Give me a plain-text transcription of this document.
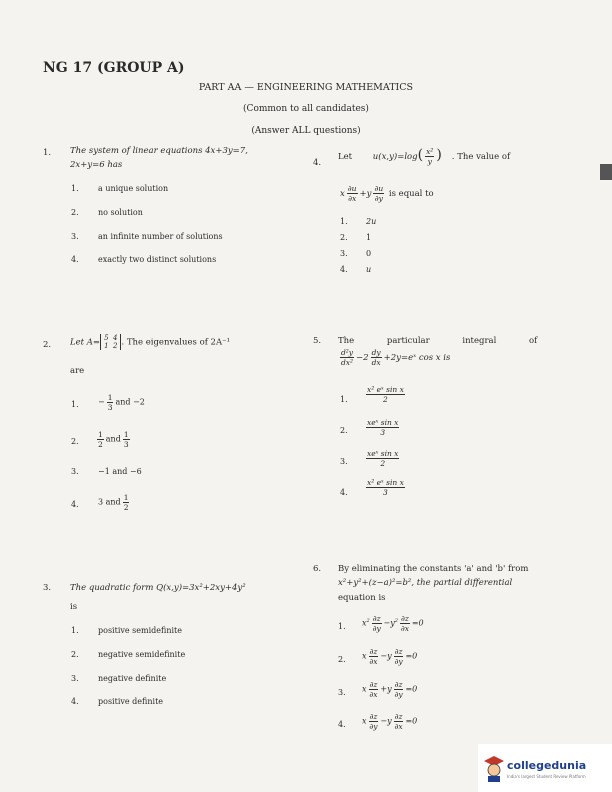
NG 17 (GROUP A)
PART AA — ENGINEERING MATHEMATICS
(Common to all candidates)
(Answer ALL questions)
1. The system of linear equations 4x+3y=7,
2x+y=6 has
1. a unique solution
2. no solution
3. an infinite number of solutions
4. exactly two distinct solutions
4.
Let $u(x,y)=\log( \frac{\text{x²}}{y}$ ) . The value of
x $\frac{\partial u}{\partial x} +y \frac{\partial u}{\partial y}$ is equal to
1. 2u
2. 1
3. 0
4. u
2. Let A= 5 4
1 2 . The eigenvalues of 2A⁻¹
are
1. − $\frac{1}{3}$ and −2
2. $\frac{1}{2}$ and $\frac{1}{3}$
3. −1 and −6
4. 3 and $\frac{1}{2}$
5. The particular integral of
$\frac{\text{d²y}}{\text{dx²}} -2 \frac{dy}{dx}$ +2y=eˣ cos x is
1. $\frac{\text{x² eˣ sin x}}{2}$
2. $\frac{\text{xeˣ sin x}}{3}$
3. $\frac{\text{xeˣ sin x}}{2}$
4. $\frac{\text{x² eˣ sin x}}{3}$
3. The quadratic form Q(x,y)=3x²+2xy+4y²
is
1. positive semidefinite
2. negative semidefinite
3. negative definite
4. positive definite
6. By eliminating the constants 'a' and 'b' from
x²+y²+(z−a)²=b², the partial differential
equation is
1. $x^2 \frac{\partial z}{\partial y} -y^2 \frac{\partial z}{\partial x} =0$
2. x $\frac{\partial z}{\partial x} -y \frac{\partial z}{\partial y} =0$
3. x $\frac{\partial z}{\partial x} +y \frac{\partial z}{\partial y} =0$
4. x $\frac{\partial z}{\partial y} -y \frac{\partial z}{\partial x} =0$
collegedunia
India's largest Student Review Platform
